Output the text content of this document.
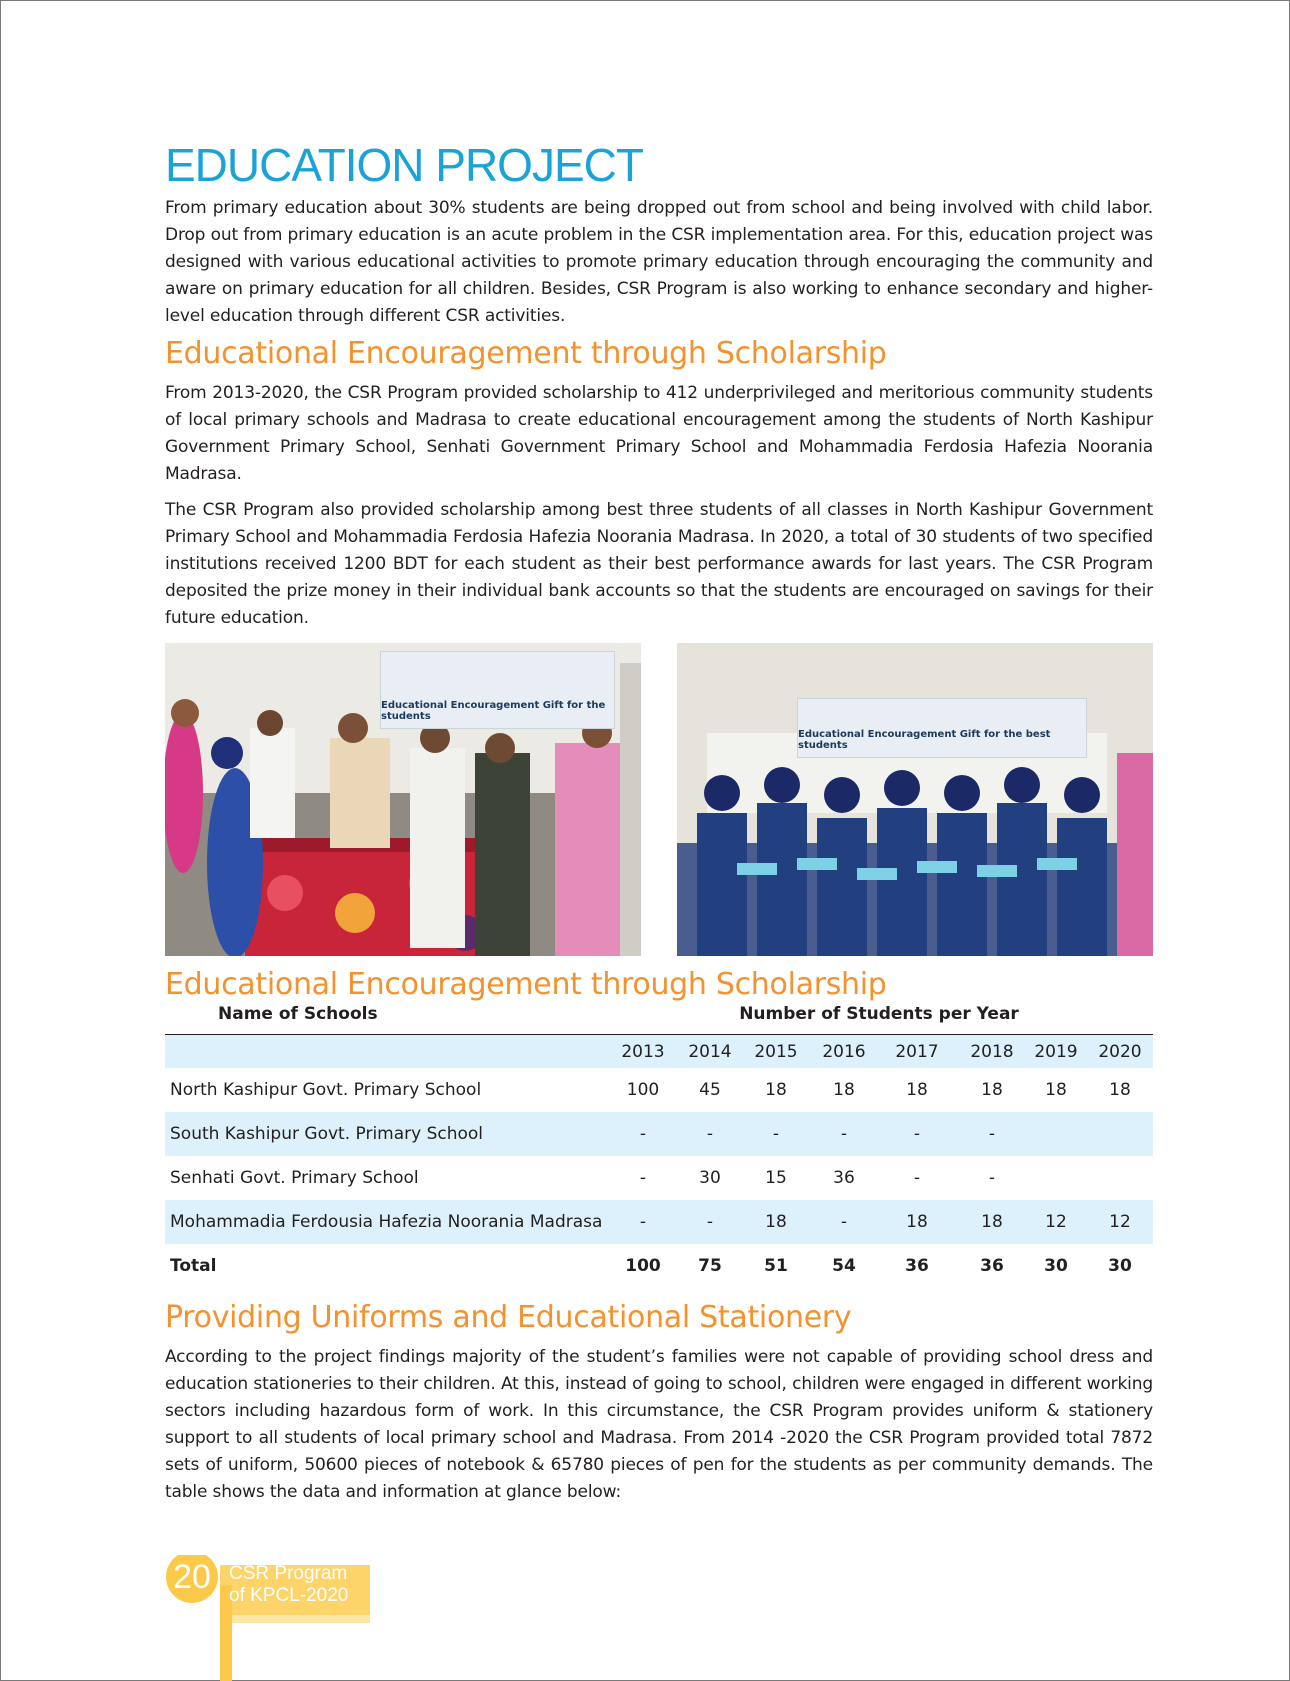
EDUCATION PROJECT

From primary education about 30% students are being dropped out from school and being involved with child labor. Drop out from primary education is an acute problem in the CSR implementation area. For this, education project was designed with various educational activities to promote primary education through encouraging the community and aware on primary education for all children. Besides, CSR Program is also working to enhance secondary and higher-level education through different CSR activities.

Educational Encouragement through Scholarship

From 2013-2020, the CSR Program provided scholarship to 412 underprivileged and meritorious community students of local primary schools and Madrasa to create educational encouragement among the students of North Kashipur Government Primary School, Senhati Government Primary School and Mohammadia Ferdosia Hafezia Noorania Madrasa.

The CSR Program also provided scholarship among best three students of all classes in North Kashipur Government Primary School and Mohammadia Ferdosia Hafezia Noorania Madrasa. In 2020, a total of 30 students of two specified institutions received 1200 BDT for each student as their best performance awards for last years. The CSR Program deposited the prize money in their individual bank accounts so that the students are encouraged on savings for their future education.

Educational Encouragement Gift for the students
Educational Encouragement Gift for the best students
Educational Encouragement through Scholarship
Name of Schools	Number of Students per Year							
	2013	2014	2015	2016	2017	2018	2019	2020
North Kashipur Govt. Primary School	100	45	18	18	18	18	18	18
South Kashipur Govt. Primary School	-	-	-	-	-	-		
Senhati Govt. Primary School	-	30	15	36	-	-		
Mohammadia Ferdousia Hafezia Noorania Madrasa	-	-	18	-	18	18	12	12
Total	100	75	51	54	36	36	30	30
Providing Uniforms and Educational Stationery

According to the project findings majority of the student’s families were not capable of providing school dress and education stationeries to their children. At this, instead of going to school, children were engaged in different working sectors including hazardous form of work. In this circumstance, the CSR Program provides uniform & stationery support to all students of local primary school and Madrasa. From 2014 -2020 the CSR Program provided total 7872 sets of uniform, 50600 pieces of notebook & 65780 pieces of pen for the students as per community demands. The table shows the data and information at glance below:

20 CSR Program
of KPCL-2020
